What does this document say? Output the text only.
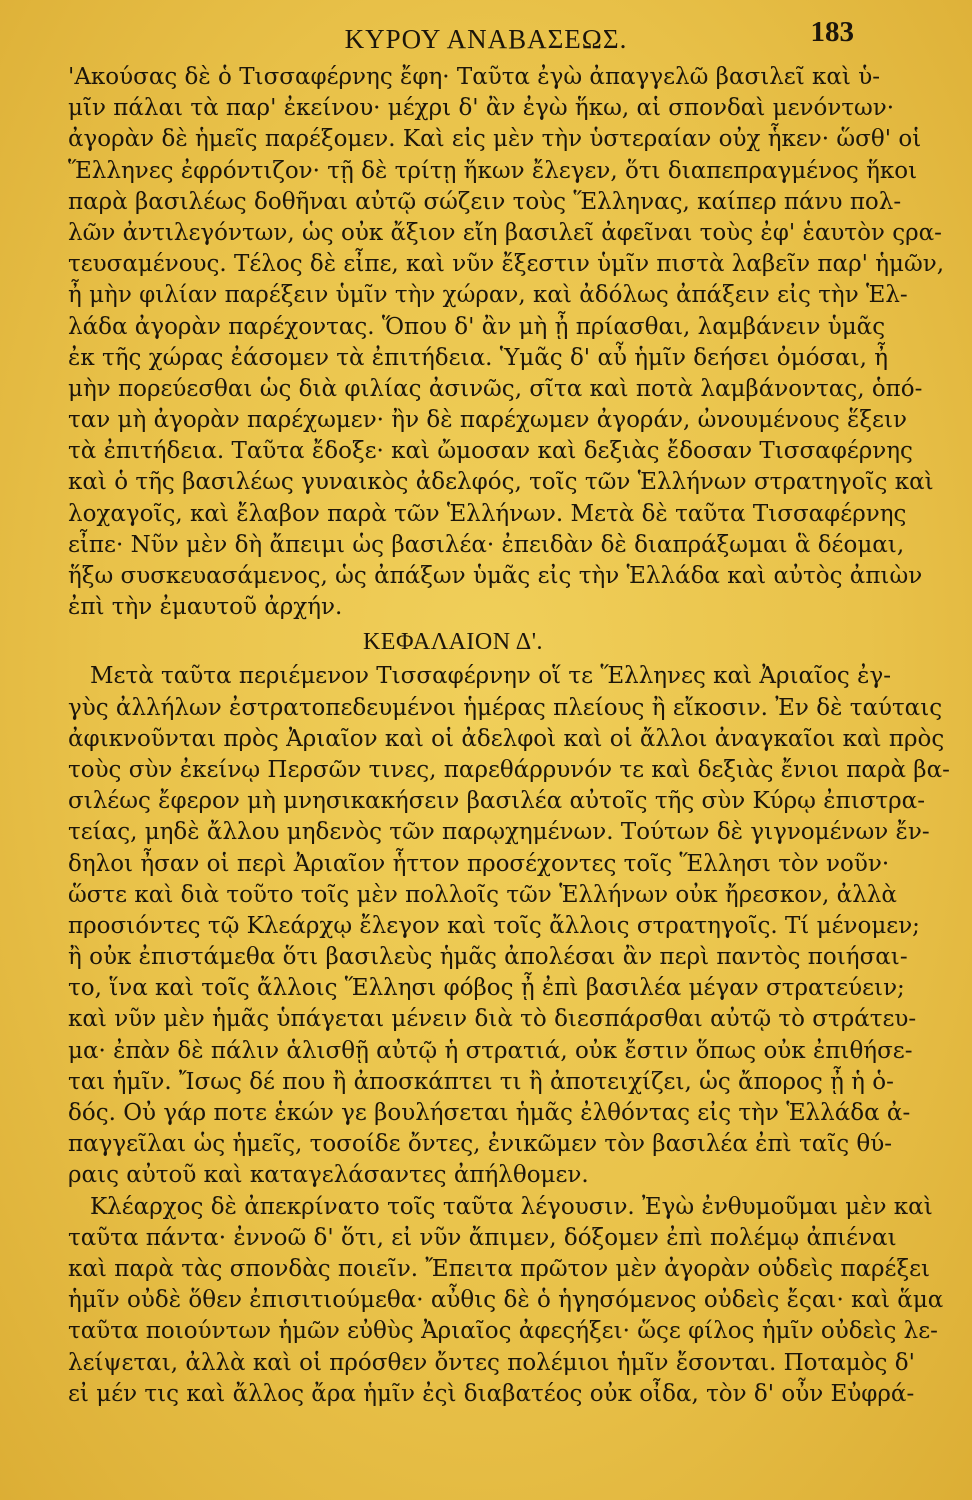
ΚΥΡΟΥ ΑΝΑΒΑΣΕΩΣ.	183
'Ακούσας δὲ ὁ Τισσαφέρνης ἔφη· Ταῦτα ἐγὼ ἀπαγγελῶ βασιλεῖ καὶ ὑ-
μῖν πάλαι τὰ παρ' ἐκείνου· μέχρι δ' ἂν ἐγὼ ἥκω, αἱ σπονδαὶ μενόντων·
ἀγορὰν δὲ ἡμεῖς παρέξομεν. Καὶ εἰς μὲν τὴν ὑστεραίαν οὐχ ἧκεν· ὥσθ' οἱ
Ἕλληνες ἐφρόντιζον· τῇ δὲ τρίτῃ ἥκων ἔλεγεν, ὅτι διαπεπραγμένος ἥκοι
παρὰ βασιλέως δοθῆναι αὐτῷ σώζειν τοὺς Ἕλληνας, καίπερ πάνυ πολ-
λῶν ἀντιλεγόντων, ὡς οὐκ ἄξιον εἴη βασιλεῖ ἀφεῖναι τοὺς ἐφ' ἑαυτὸν ςρα-
τευσαμένους. Τέλος δὲ εἶπε, καὶ νῦν ἔξεστιν ὑμῖν πιστὰ λαβεῖν παρ' ἡμῶν,
ἦ μὴν φιλίαν παρέξειν ὑμῖν τὴν χώραν, καὶ ἀδόλως ἀπάξειν εἰς τὴν Ἑλ-
λάδα ἀγορὰν παρέχοντας. Ὅπου δ' ἂν μὴ ᾖ πρίασθαι, λαμβάνειν ὑμᾶς
ἐκ τῆς χώρας ἐάσομεν τὰ ἐπιτήδεια. Ὑμᾶς δ' αὖ ἡμῖν δεήσει ὀμόσαι, ἦ
μὴν πορεύεσθαι ὡς διὰ φιλίας ἀσινῶς, σῖτα καὶ ποτὰ λαμβάνοντας, ὁπό-
ταν μὴ ἀγορὰν παρέχωμεν· ἢν δὲ παρέχωμεν ἀγοράν, ὠνουμένους ἕξειν
τὰ ἐπιτήδεια. Ταῦτα ἔδοξε· καὶ ὤμοσαν καὶ δεξιὰς ἔδοσαν Τισσαφέρνης
καὶ ὁ τῆς βασιλέως γυναικὸς ἀδελφός, τοῖς τῶν Ἑλλήνων στρατηγοῖς καὶ
λοχαγοῖς, καὶ ἔλαβον παρὰ τῶν Ἑλλήνων. Μετὰ δὲ ταῦτα Τισσαφέρνης
εἶπε· Νῦν μὲν δὴ ἄπειμι ὡς βασιλέα· ἐπειδὰν δὲ διαπράξωμαι ἃ δέομαι,
ἥξω συσκευασάμενος, ὡς ἀπάξων ὑμᾶς εἰς τὴν Ἑλλάδα καὶ αὐτὸς ἀπιὼν
ἐπὶ τὴν ἐμαυτοῦ ἀρχήν.
ΚΕΦΑΛΑΙΟΝ Δ'.
Μετὰ ταῦτα περιέμενον Τισσαφέρνην οἵ τε Ἕλληνες καὶ Ἀριαῖος ἐγ-
γὺς ἀλλήλων ἐστρατοπεδευμένοι ἡμέρας πλείους ἢ εἴκοσιν. Ἐν δὲ ταύταις
ἀφικνοῦνται πρὸς Ἀριαῖον καὶ οἱ ἀδελφοὶ καὶ οἱ ἄλλοι ἀναγκαῖοι καὶ πρὸς
τοὺς σὺν ἐκείνῳ Περσῶν τινες, παρεθάρρυνόν τε καὶ δεξιὰς ἔνιοι παρὰ βα-
σιλέως ἔφερον μὴ μνησικακήσειν βασιλέα αὐτοῖς τῆς σὺν Κύρῳ ἐπιστρα-
τείας, μηδὲ ἄλλου μηδενὸς τῶν παρῳχημένων. Τούτων δὲ γιγνομένων ἔν-
δηλοι ἦσαν οἱ περὶ Ἀριαῖον ἧττον προσέχοντες τοῖς Ἕλλησι τὸν νοῦν·
ὥστε καὶ διὰ τοῦτο τοῖς μὲν πολλοῖς τῶν Ἑλλήνων οὐκ ἤρεσκον, ἀλλὰ
προσιόντες τῷ Κλεάρχῳ ἔλεγον καὶ τοῖς ἄλλοις στρατηγοῖς. Τί μένομεν;
ἢ οὐκ ἐπιστάμεθα ὅτι βασιλεὺς ἡμᾶς ἀπολέσαι ἂν περὶ παντὸς ποιήσαι-
το, ἵνα καὶ τοῖς ἄλλοις Ἕλλησι φόβος ᾖ ἐπὶ βασιλέα μέγαν στρατεύειν;
καὶ νῦν μὲν ἡμᾶς ὑπάγεται μένειν διὰ τὸ διεσπάρσθαι αὐτῷ τὸ στράτευ-
μα· ἐπὰν δὲ πάλιν ἁλισθῇ αὐτῷ ἡ στρατιά, οὐκ ἔστιν ὅπως οὐκ ἐπιθήσε-
ται ἡμῖν. Ἴσως δέ που ἢ ἀποσκάπτει τι ἢ ἀποτειχίζει, ὡς ἄπορος ᾖ ἡ ὁ-
δός. Οὐ γάρ ποτε ἑκών γε βουλήσεται ἡμᾶς ἐλθόντας εἰς τὴν Ἑλλάδα ἀ-
παγγεῖλαι ὡς ἡμεῖς, τοσοίδε ὄντες, ἐνικῶμεν τὸν βασιλέα ἐπὶ ταῖς θύ-
ραις αὐτοῦ καὶ καταγελάσαντες ἀπήλθομεν.
Κλέαρχος δὲ ἀπεκρίνατο τοῖς ταῦτα λέγουσιν. Ἐγὼ ἐνθυμοῦμαι μὲν καὶ
ταῦτα πάντα· ἐννοῶ δ' ὅτι, εἰ νῦν ἄπιμεν, δόξομεν ἐπὶ πολέμῳ ἀπιέναι
καὶ παρὰ τὰς σπονδὰς ποιεῖν. Ἔπειτα πρῶτον μὲν ἀγορὰν οὐδεὶς παρέξει
ἡμῖν οὐδὲ ὅθεν ἐπισιτιούμεθα· αὖθις δὲ ὁ ἡγησόμενος οὐδεὶς ἔςαι· καὶ ἅμα
ταῦτα ποιούντων ἡμῶν εὐθὺς Ἀριαῖος ἀφεςήξει· ὥςε φίλος ἡμῖν οὐδεὶς λε-
λείψεται, ἀλλὰ καὶ οἱ πρόσθεν ὄντες πολέμιοι ἡμῖν ἔσονται. Ποταμὸς δ'
εἰ μέν τις καὶ ἄλλος ἄρα ἡμῖν ἐςὶ διαβατέος οὐκ οἶδα, τὸν δ' οὖν Εὐφρά-
